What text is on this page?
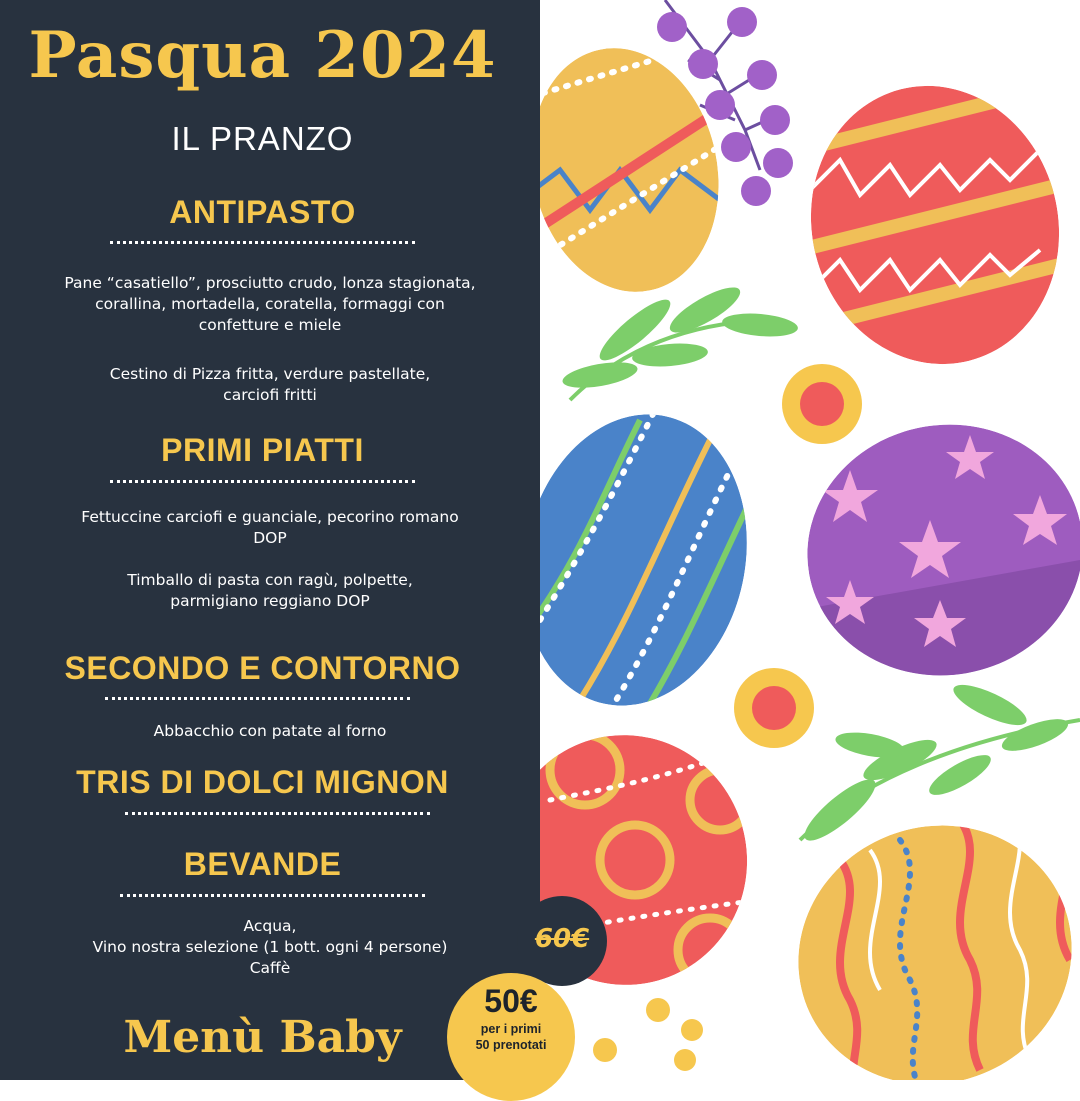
Pasqua 2024
IL PRANZO
ANTIPASTO
Pane “casatiello”, prosciutto crudo, lonza stagionata,
corallina, mortadella, coratella, formaggi con
confetture e miele
Cestino di Pizza fritta, verdure pastellate,
carciofi fritti
PRIMI PIATTI
Fettuccine carciofi e guanciale, pecorino romano
DOP
Timballo di pasta con ragù, polpette,
parmigiano reggiano DOP
SECONDO E CONTORNO
Abbacchio con patate al forno
TRIS DI DOLCI MIGNON
BEVANDE
Acqua,
Vino nostra selezione (1 bott. ogni 4 persone)
Caffè
Menù Baby
60€
50€
per i primi
50 prenotati
